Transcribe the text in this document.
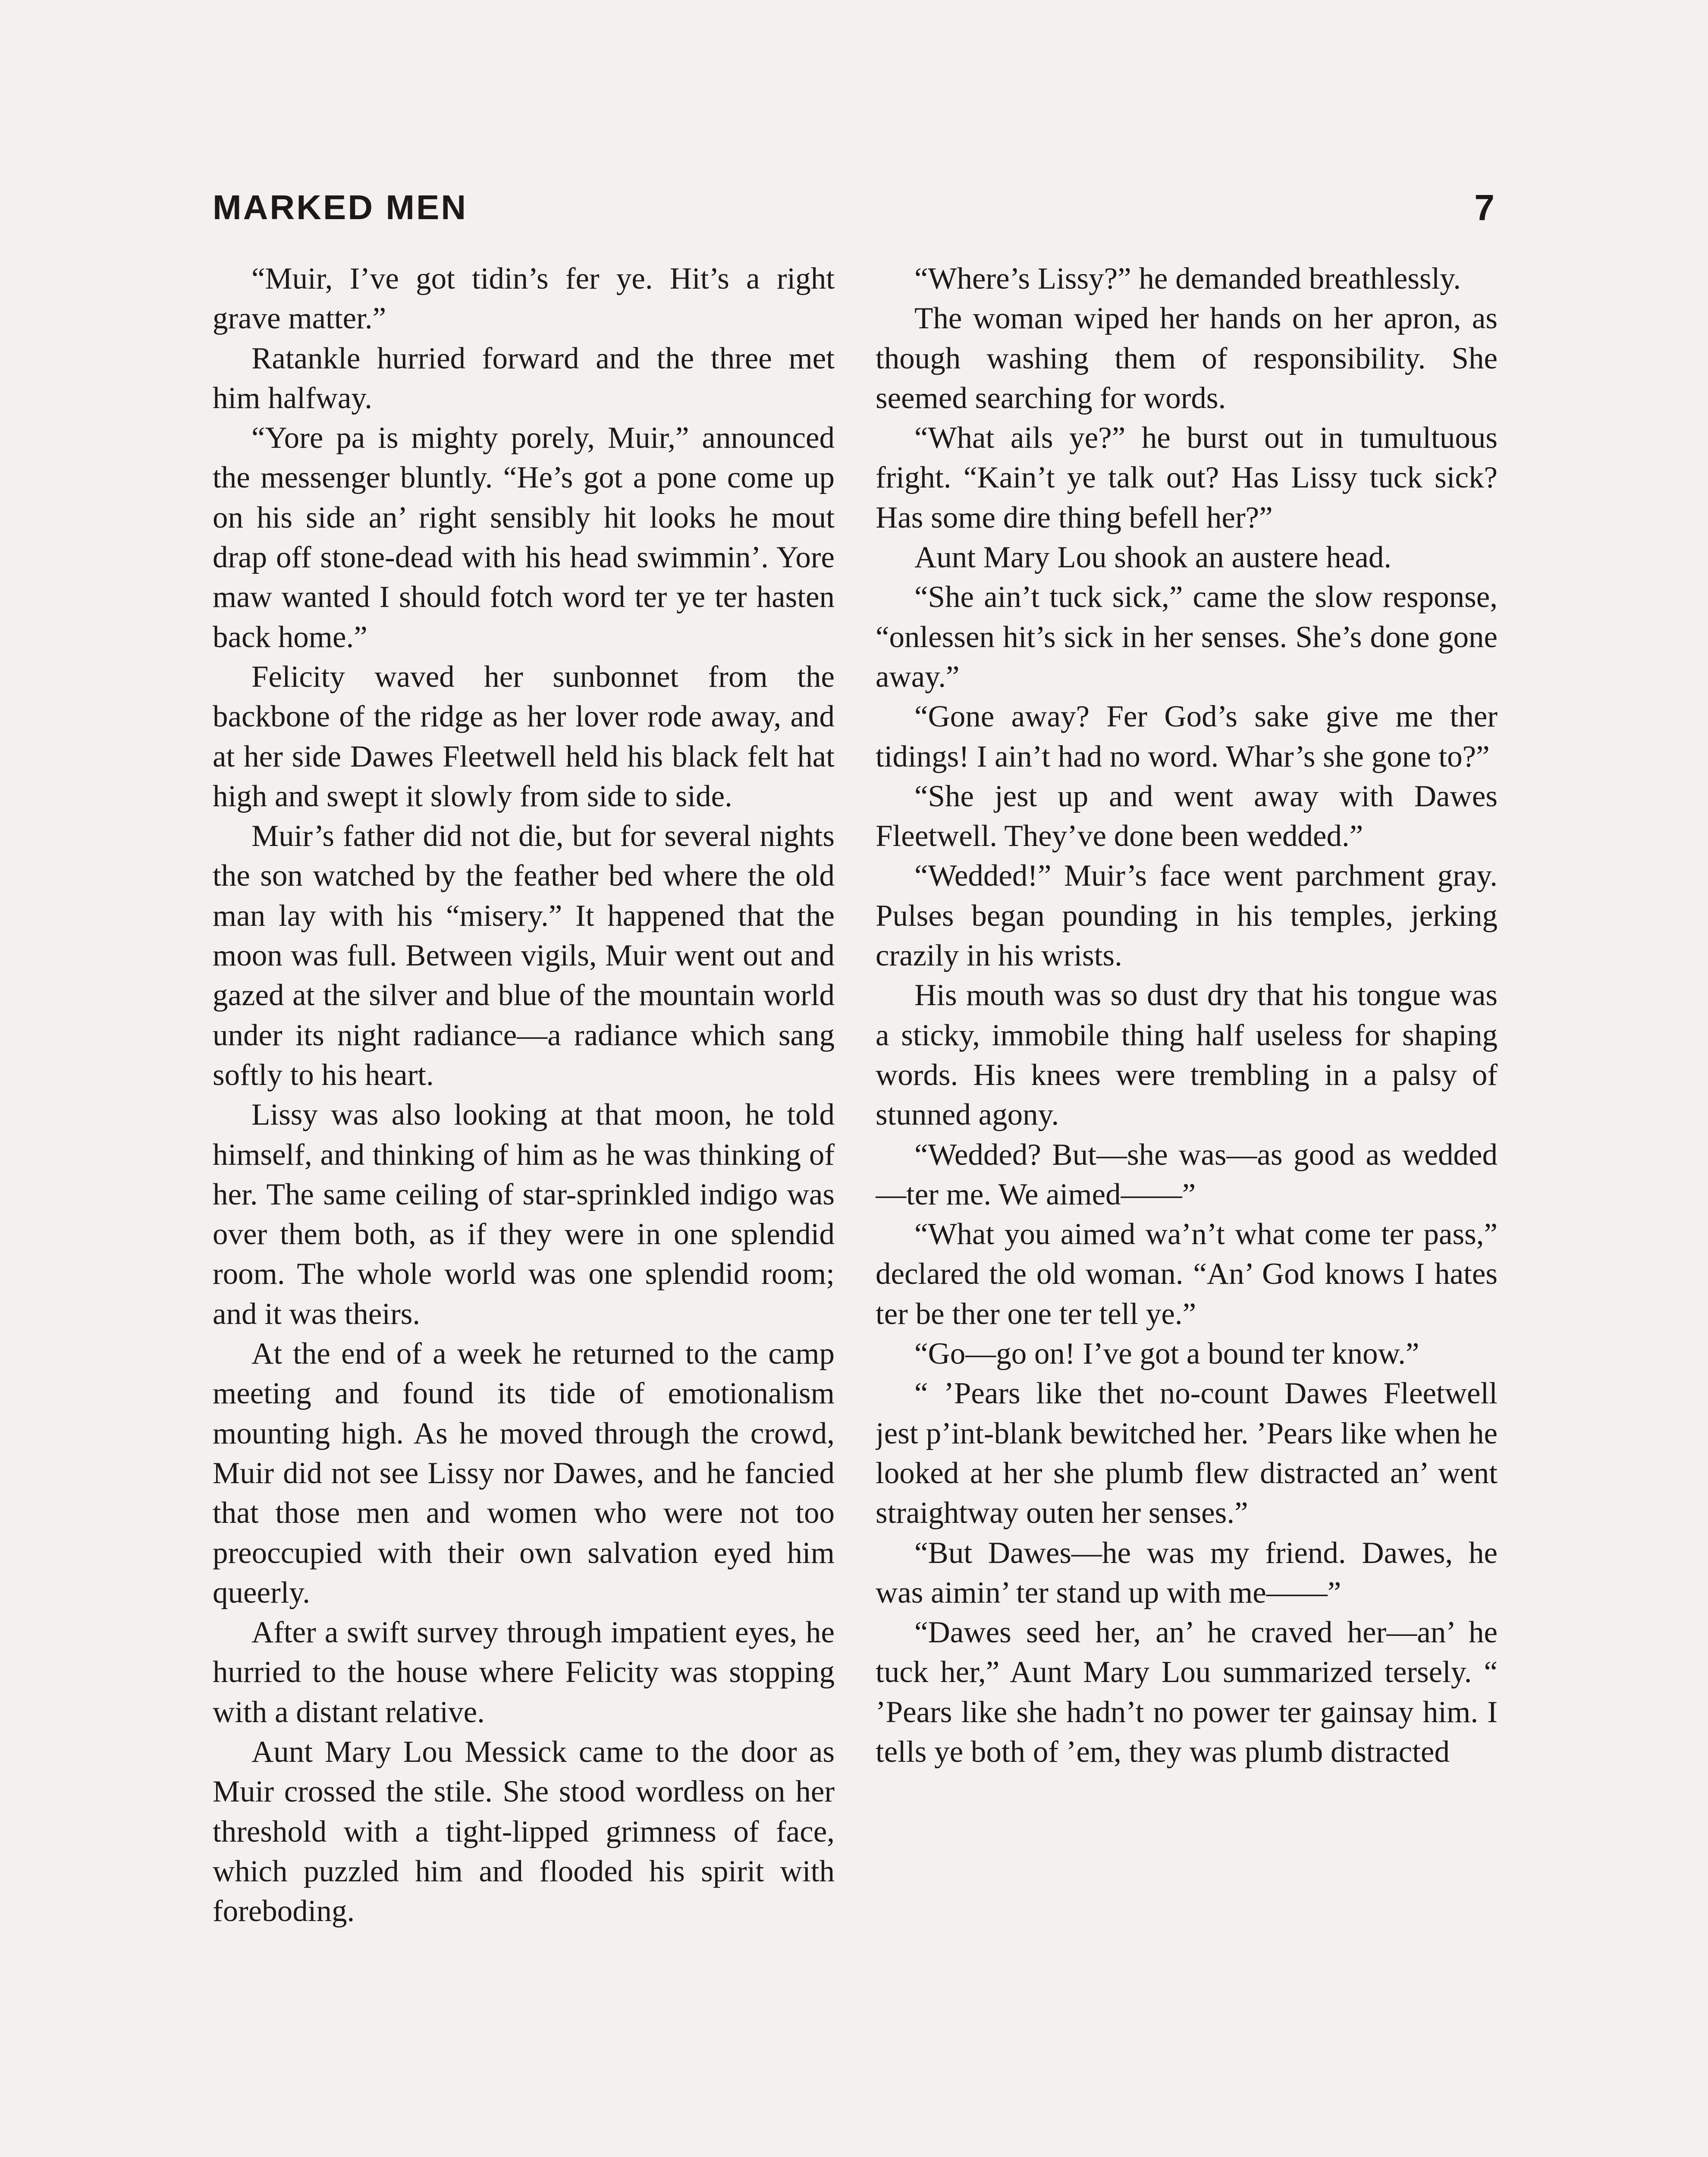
MARKED MEN	7

“Muir, I’ve got tidin’s fer ye. Hit’s a right grave matter.”

Ratankle hurried forward and the three met him halfway.

“Yore pa is mighty porely, Muir,” announced the messenger bluntly. “He’s got a pone come up on his side an’ right sensibly hit looks he mout drap off stone-dead with his head swimmin’. Yore maw wanted I should fotch word ter ye ter hasten back home.”

Felicity waved her sunbonnet from the backbone of the ridge as her lover rode away, and at her side Dawes Fleetwell held his black felt hat high and swept it slowly from side to side.

Muir’s father did not die, but for several nights the son watched by the feather bed where the old man lay with his “misery.” It happened that the moon was full. Between vigils, Muir went out and gazed at the silver and blue of the mountain world under its night radiance—a radiance which sang softly to his heart.

Lissy was also looking at that moon, he told himself, and thinking of him as he was thinking of her. The same ceiling of star-sprinkled indigo was over them both, as if they were in one splendid room. The whole world was one splendid room; and it was theirs.

At the end of a week he returned to the camp meeting and found its tide of emotionalism mounting high. As he moved through the crowd, Muir did not see Lissy nor Dawes, and he fancied that those men and women who were not too preoccupied with their own salvation eyed him queerly.

After a swift survey through impatient eyes, he hurried to the house where Felicity was stopping with a distant relative.

Aunt Mary Lou Messick came to the door as Muir crossed the stile. She stood wordless on her threshold with a tight-lipped grimness of face, which puzzled him and flooded his spirit with foreboding.

“Where’s Lissy?” he demanded breathlessly.

The woman wiped her hands on her apron, as though washing them of responsibility. She seemed searching for words.

“What ails ye?” he burst out in tumultuous fright. “Kain’t ye talk out? Has Lissy tuck sick? Has some dire thing befell her?”

Aunt Mary Lou shook an austere head.

“She ain’t tuck sick,” came the slow response, “onlessen hit’s sick in her senses. She’s done gone away.”

“Gone away? Fer God’s sake give me ther tidings! I ain’t had no word. Whar’s she gone to?”

“She jest up and went away with Dawes Fleetwell. They’ve done been wedded.”

“Wedded!” Muir’s face went parchment gray. Pulses began pounding in his temples, jerking crazily in his wrists.

His mouth was so dust dry that his tongue was a sticky, immobile thing half useless for shaping words. His knees were trembling in a palsy of stunned agony.

“Wedded? But—she was—as good as wedded—ter me. We aimed——”

“What you aimed wa’n’t what come ter pass,” declared the old woman. “An’ God knows I hates ter be ther one ter tell ye.”

“Go—go on! I’ve got a bound ter know.”

“ ’Pears like thet no-count Dawes Fleetwell jest p’int-blank bewitched her. ’Pears like when he looked at her she plumb flew distracted an’ went straightway outen her senses.”

“But Dawes—he was my friend. Dawes, he was aimin’ ter stand up with me——”

“Dawes seed her, an’ he craved her—an’ he tuck her,” Aunt Mary Lou summarized tersely. “ ’Pears like she hadn’t no power ter gainsay him. I tells ye both of ’em, they was plumb distracted
